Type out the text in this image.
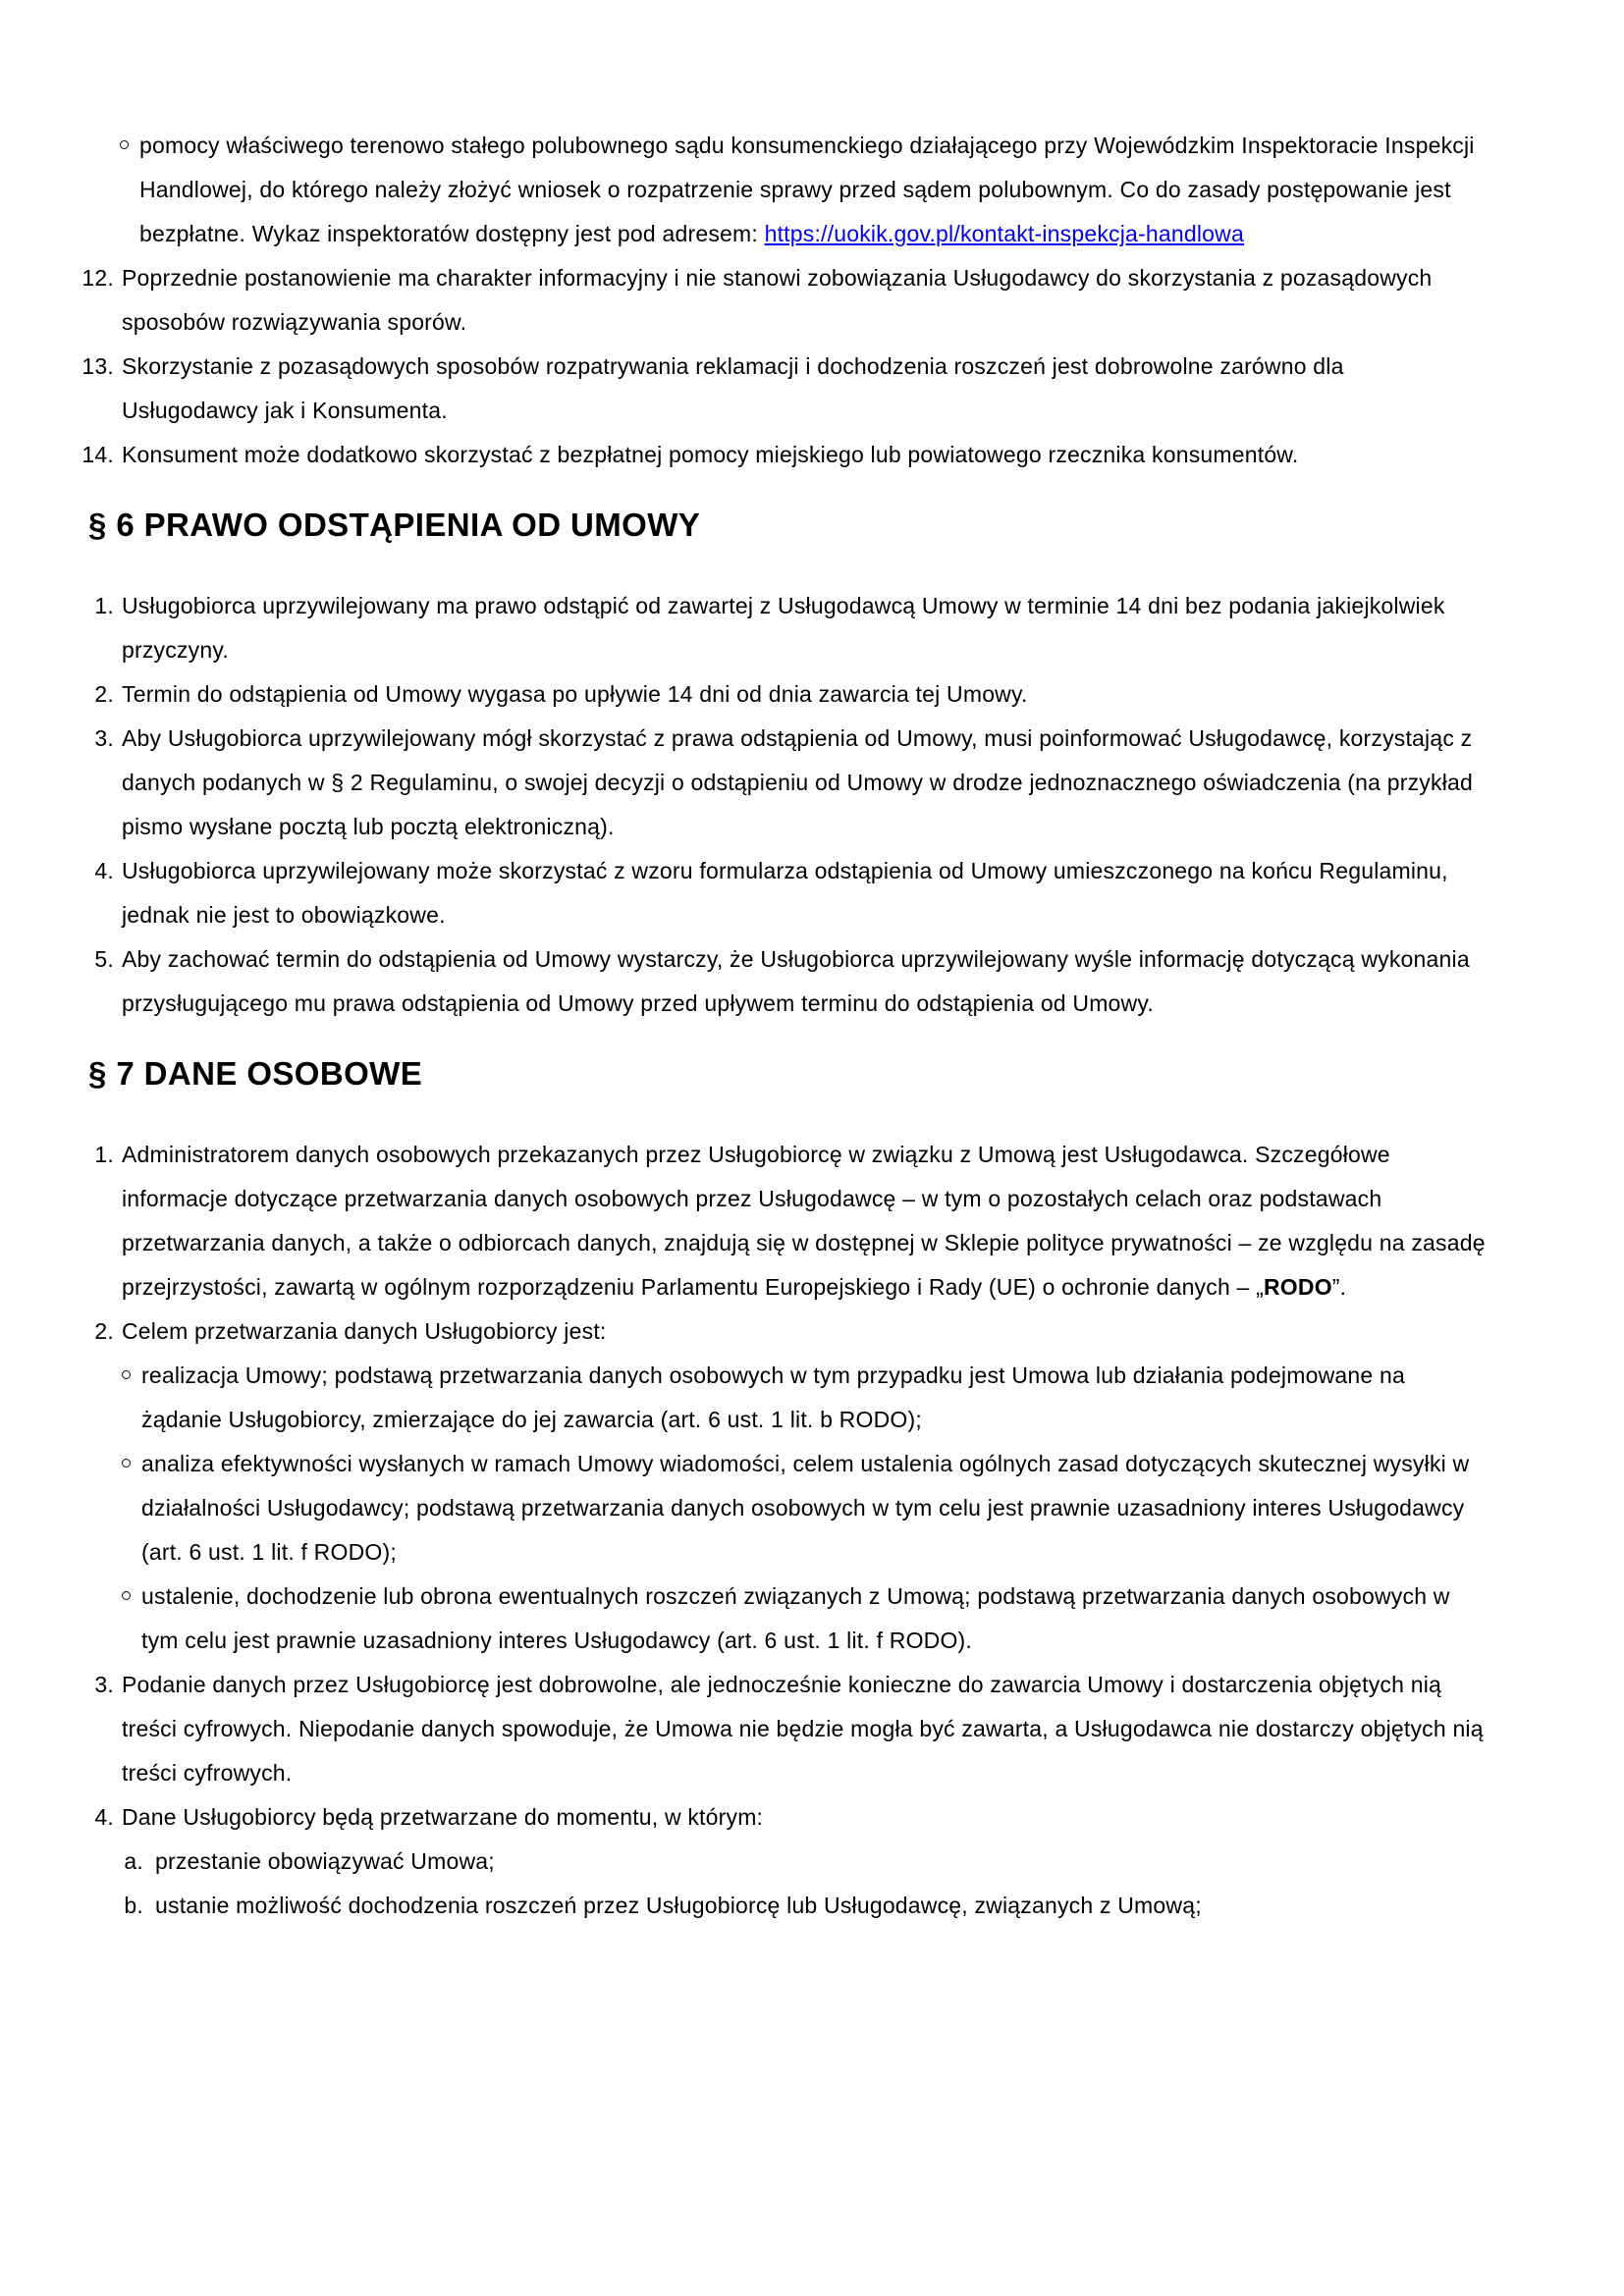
pomocy właściwego terenowo stałego polubownego sądu konsumenckiego działającego przy Wojewódzkim Inspektoracie Inspekcji Handlowej, do którego należy złożyć wniosek o rozpatrzenie sprawy przed sądem polubownym. Co do zasady postępowanie jest bezpłatne. Wykaz inspektoratów dostępny jest pod adresem: https://uokik.gov.pl/kontakt-inspekcja-handlowa
12. Poprzednie postanowienie ma charakter informacyjny i nie stanowi zobowiązania Usługodawcy do skorzystania z pozasądowych sposobów rozwiązywania sporów.
13. Skorzystanie z pozasądowych sposobów rozpatrywania reklamacji i dochodzenia roszczeń jest dobrowolne zarówno dla Usługodawcy jak i Konsumenta.
14. Konsument może dodatkowo skorzystać z bezpłatnej pomocy miejskiego lub powiatowego rzecznika konsumentów.
§ 6 PRAWO ODSTĄPIENIA OD UMOWY
1. Usługobiorca uprzywilejowany ma prawo odstąpić od zawartej z Usługodawcą Umowy w terminie 14 dni bez podania jakiejkolwiek przyczyny.
2. Termin do odstąpienia od Umowy wygasa po upływie 14 dni od dnia zawarcia tej Umowy.
3. Aby Usługobiorca uprzywilejowany mógł skorzystać z prawa odstąpienia od Umowy, musi poinformować Usługodawcę, korzystając z danych podanych w § 2 Regulaminu, o swojej decyzji o odstąpieniu od Umowy w drodze jednoznacznego oświadczenia (na przykład pismo wysłane pocztą lub pocztą elektroniczną).
4. Usługobiorca uprzywilejowany może skorzystać z wzoru formularza odstąpienia od Umowy umieszczonego na końcu Regulaminu, jednak nie jest to obowiązkowe.
5. Aby zachować termin do odstąpienia od Umowy wystarczy, że Usługobiorca uprzywilejowany wyśle informację dotyczącą wykonania przysługującego mu prawa odstąpienia od Umowy przed upływem terminu do odstąpienia od Umowy.
§ 7 DANE OSOBOWE
1. Administratorem danych osobowych przekazanych przez Usługobiorcę w związku z Umową jest Usługodawca. Szczegółowe informacje dotyczące przetwarzania danych osobowych przez Usługodawcę – w tym o pozostałych celach oraz podstawach przetwarzania danych, a także o odbiorcach danych, znajdują się w dostępnej w Sklepie polityce prywatności – ze względu na zasadę przejrzystości, zawartą w ogólnym rozporządzeniu Parlamentu Europejskiego i Rady (UE) o ochronie danych – „RODO”.
2. Celem przetwarzania danych Usługobiorcy jest:
realizacja Umowy; podstawą przetwarzania danych osobowych w tym przypadku jest Umowa lub działania podejmowane na żądanie Usługobiorcy, zmierzające do jej zawarcia (art. 6 ust. 1 lit. b RODO);
analiza efektywności wysłanych w ramach Umowy wiadomości, celem ustalenia ogólnych zasad dotyczących skutecznej wysyłki w działalności Usługodawcy; podstawą przetwarzania danych osobowych w tym celu jest prawnie uzasadniony interes Usługodawcy (art. 6 ust. 1 lit. f RODO);
ustalenie, dochodzenie lub obrona ewentualnych roszczeń związanych z Umową; podstawą przetwarzania danych osobowych w tym celu jest prawnie uzasadniony interes Usługodawcy (art. 6 ust. 1 lit. f RODO).
3. Podanie danych przez Usługobiorcę jest dobrowolne, ale jednocześnie konieczne do zawarcia Umowy i dostarczenia objętych nią treści cyfrowych. Niepodanie danych spowoduje, że Umowa nie będzie mogła być zawarta, a Usługodawca nie dostarczy objętych nią treści cyfrowych.
4. Dane Usługobiorcy będą przetwarzane do momentu, w którym:
a. przestanie obowiązywać Umowa;
b. ustanie możliwość dochodzenia roszczeń przez Usługobiorcę lub Usługodawcę, związanych z Umową;
